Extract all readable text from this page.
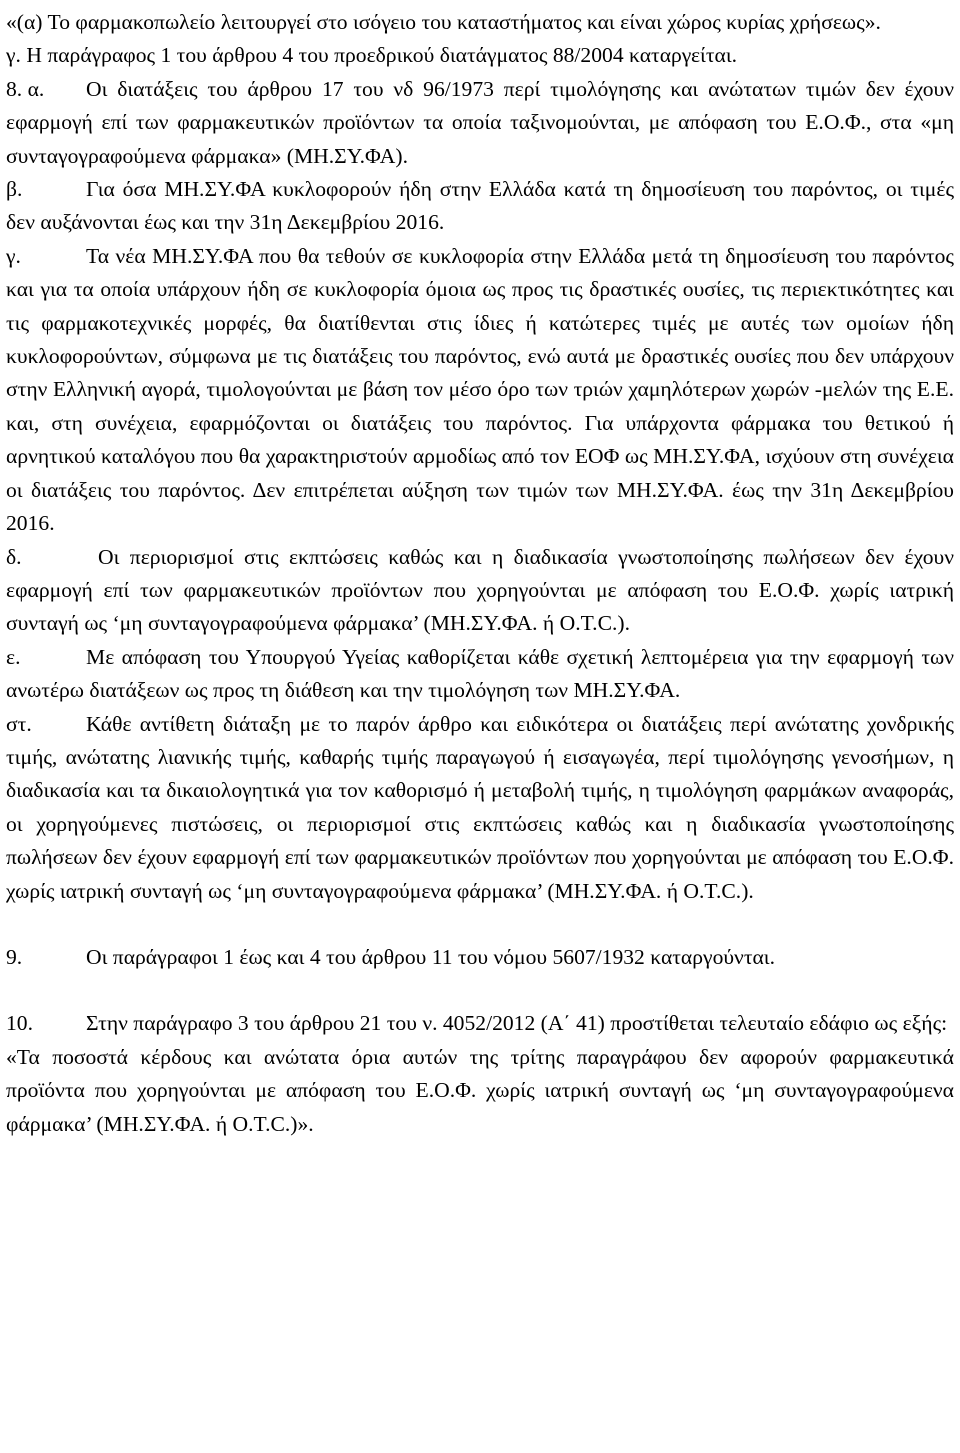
«(α) Το φαρμακοπωλείο λειτουργεί στο ισόγειο του καταστήματος και είναι χώρος κυρίας χρήσεως».

γ. Η παράγραφος 1 του άρθρου 4 του προεδρικού διατάγματος 88/2004 καταργείται.

8. α. Οι διατάξεις του άρθρου 17 του νδ 96/1973 περί τιμολόγησης και ανώτατων τιμών δεν έχουν εφαρμογή επί των φαρμακευτικών προϊόντων τα οποία ταξινομούνται, με απόφαση του Ε.Ο.Φ., στα «μη συνταγογραφούμενα φάρμακα» (ΜΗ.ΣΥ.ΦΑ).

β.	Για όσα ΜΗ.ΣΥ.ΦΑ κυκλοφορούν ήδη στην Ελλάδα κατά τη δημοσίευση του παρόντος, οι τιμές δεν αυξάνονται έως και την 31η Δεκεμβρίου 2016.

γ.	Τα νέα ΜΗ.ΣΥ.ΦΑ που θα τεθούν σε κυκλοφορία στην Ελλάδα μετά τη δημοσίευση του παρόντος και για τα οποία υπάρχουν ήδη σε κυκλοφορία όμοια ως προς τις δραστικές ουσίες, τις περιεκτικότητες και τις φαρμακοτεχνικές μορφές, θα διατίθενται στις ίδιες ή κατώτερες τιμές με αυτές των ομοίων ήδη κυκλοφορούντων, σύμφωνα με τις διατάξεις του παρόντος, ενώ αυτά με δραστικές ουσίες που δεν υπάρχουν στην Ελληνική αγορά, τιμολογούνται με βάση τον μέσο όρο των τριών χαμηλότερων χωρών -μελών της Ε.Ε. και, στη συνέχεια, εφαρμόζονται οι διατάξεις του παρόντος. Για υπάρχοντα φάρμακα του θετικού ή αρνητικού καταλόγου που θα χαρακτηριστούν αρμοδίως από τον ΕΟΦ ως ΜΗ.ΣΥ.ΦΑ, ισχύουν στη συνέχεια οι διατάξεις του παρόντος. Δεν επιτρέπεται αύξηση των τιμών των ΜΗ.ΣΥ.ΦΑ. έως την 31η Δεκεμβρίου 2016.

δ.	Οι περιορισμοί στις εκπτώσεις καθώς και η διαδικασία γνωστοποίησης πωλήσεων δεν έχουν εφαρμογή επί των φαρμακευτικών προϊόντων που χορηγούνται με απόφαση του Ε.Ο.Φ. χωρίς ιατρική συνταγή ως ‘μη συνταγογραφούμενα φάρμακα’ (ΜΗ.ΣΥ.ΦΑ. ή Ο.Τ.C.).

ε.	Με απόφαση του Υπουργού Υγείας καθορίζεται κάθε σχετική λεπτομέρεια για την εφαρμογή των ανωτέρω διατάξεων ως προς τη διάθεση και την τιμολόγηση των ΜΗ.ΣΥ.ΦΑ.

στ.	Κάθε αντίθετη διάταξη με το παρόν άρθρο και ειδικότερα οι διατάξεις περί ανώτατης χονδρικής τιμής, ανώτατης λιανικής τιμής, καθαρής τιμής παραγωγού ή εισαγωγέα, περί τιμολόγησης γενοσήμων, η διαδικασία και τα δικαιολογητικά για τον καθορισμό ή μεταβολή τιμής, η τιμολόγηση φαρμάκων αναφοράς, οι χορηγούμενες πιστώσεις, οι περιορισμοί στις εκπτώσεις καθώς και η διαδικασία γνωστοποίησης πωλήσεων δεν έχουν εφαρμογή επί των φαρμακευτικών προϊόντων που χορηγούνται με απόφαση του Ε.Ο.Φ. χωρίς ιατρική συνταγή ως ‘μη συνταγογραφούμενα φάρμακα’ (ΜΗ.ΣΥ.ΦΑ. ή Ο.Τ.C.).

9.	Οι παράγραφοι 1 έως και 4 του άρθρου 11 του νόμου 5607/1932 καταργούνται.

10. Στην παράγραφο 3 του άρθρου 21 του ν. 4052/2012 (Α΄ 41) προστίθεται τελευταίο εδάφιο ως εξής:

«Τα ποσοστά κέρδους και ανώτατα όρια αυτών της τρίτης παραγράφου δεν αφορούν φαρμακευτικά προϊόντα που χορηγούνται με απόφαση του Ε.Ο.Φ. χωρίς ιατρική συνταγή ως ‘μη συνταγογραφούμενα φάρμακα’ (ΜΗ.ΣΥ.ΦΑ. ή Ο.Τ.C.)».
